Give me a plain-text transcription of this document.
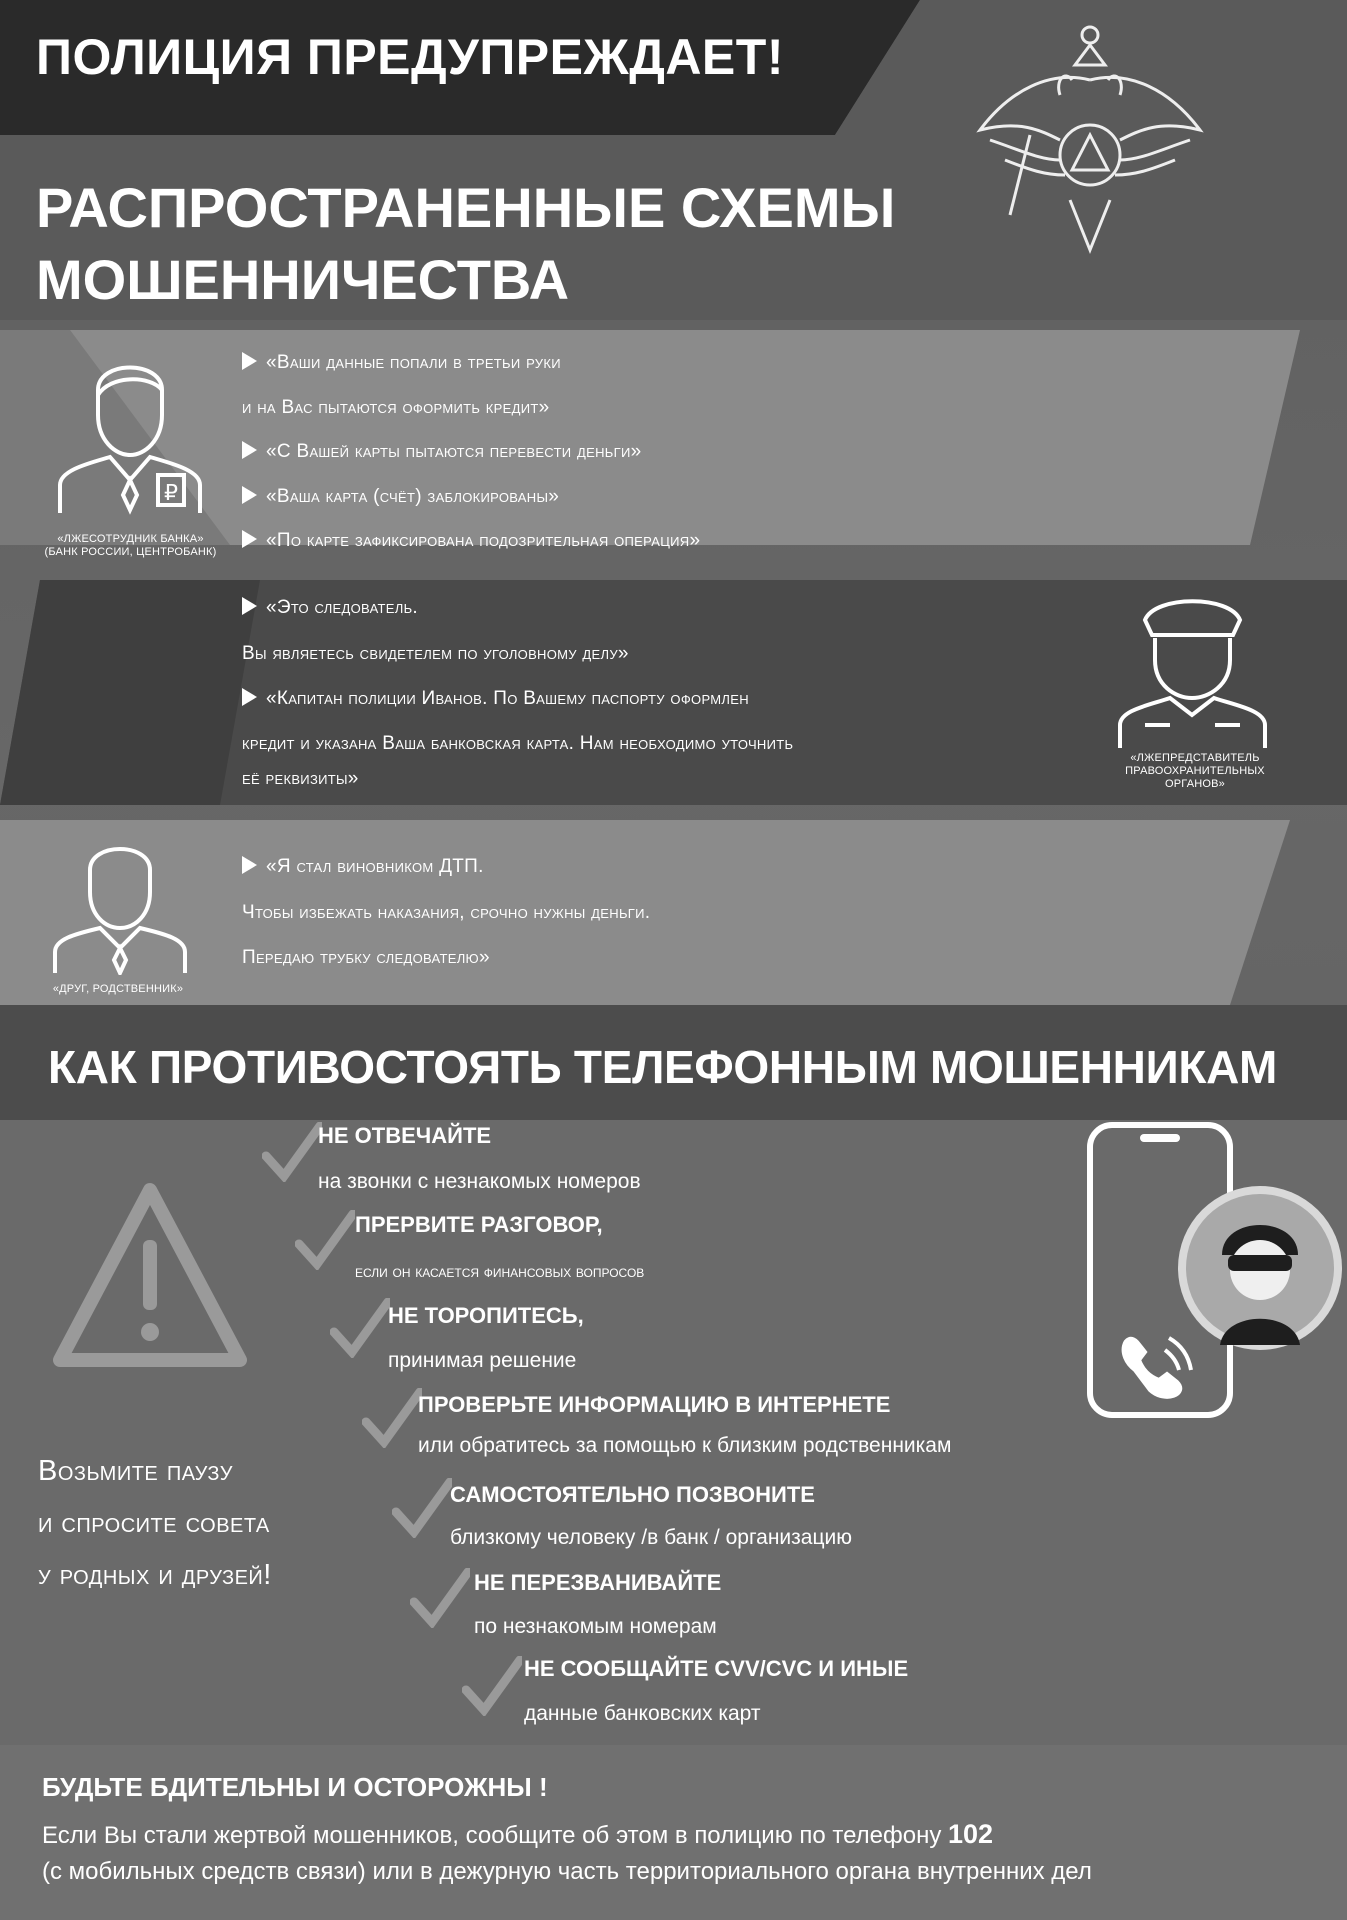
ПОЛИЦИЯ ПРЕДУПРЕЖДАЕТ!
РАСПРОСТРАНЕННЫЕ СХЕМЫ МОШЕННИЧЕСТВА
₽
«ЛЖЕСОТРУДНИК БАНКА»
(БАНК РОССИИ, ЦЕНТРОБАНК)
«Ваши данные попали в третьи руки
и на Вас пытаются оформить кредит»
«С Вашей карты пытаются перевести деньги»
«Ваша карта (счёт) заблокированы»
«По карте зафиксирована подозрительная операция»
«Это следователь.
Вы являетесь свидетелем по уголовному делу»
«Капитан полиции Иванов. По Вашему паспорту оформлен
кредит и указана Ваша банковская карта. Нам необходимо уточнить
её реквизиты»
«ЛЖЕПРЕДСТАВИТЕЛЬ
ПРАВООХРАНИТЕЛЬНЫХ
ОРГАНОВ»
«ДРУГ, РОДСТВЕННИК»
«Я стал виновником ДТП.
Чтобы избежать наказания, срочно нужны деньги.
Передаю трубку следователю»
КАК ПРОТИВОСТОЯТЬ ТЕЛЕФОННЫМ МОШЕННИКАМ
Возьмите паузу
и спросите совета
у родных и друзей!
НЕ ОТВЕЧАЙТЕ
на звонки с незнакомых номеров
ПРЕРВИТЕ РАЗГОВОР,
если он касается финансовых вопросов
НЕ ТОРОПИТЕСЬ,
принимая решение
ПРОВЕРЬТЕ ИНФОРМАЦИЮ В ИНТЕРНЕТЕ
или обратитесь за помощью к близким родственникам
САМОСТОЯТЕЛЬНО ПОЗВОНИТЕ
близкому человеку /в банк / организацию
НЕ ПЕРЕЗВАНИВАЙТЕ
по незнакомым номерам
НЕ СООБЩАЙТЕ CVV/CVC И ИНЫЕ
данные банковских карт
БУДЬТЕ БДИТЕЛЬНЫ И ОСТОРОЖНЫ !
Если Вы стали жертвой мошенников, сообщите об этом в полицию по телефону 102
(с мобильных средств связи) или в дежурную часть территориального органа внутренних дел
